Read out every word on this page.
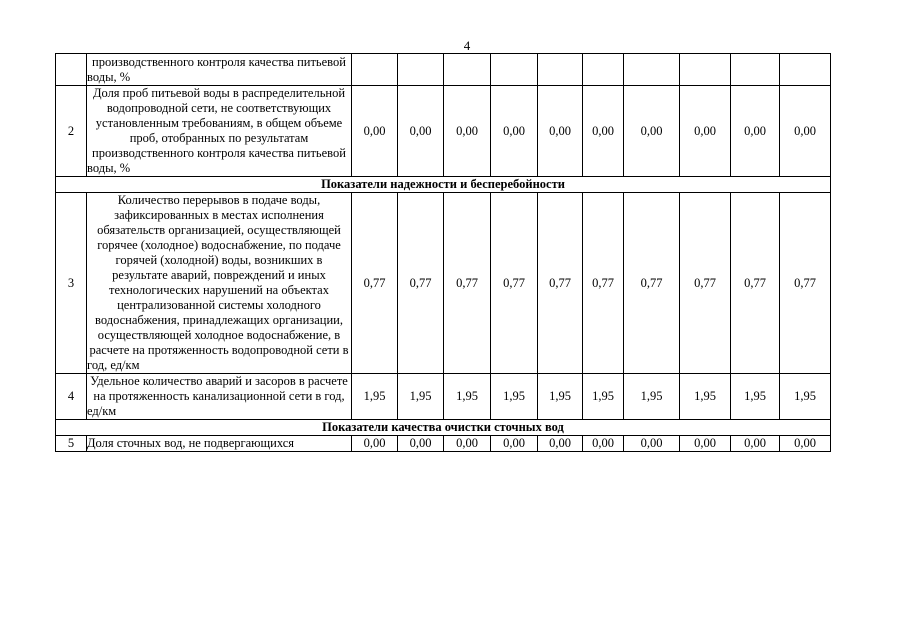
4
	производственного контроля качества питьевой воды, %										
2	Доля проб питьевой воды в распределительной водопроводной сети, не соответствующих установленным требованиям, в общем объеме проб, отобранных по результатам производственного контроля качества питьевой воды, %	0,00	0,00	0,00	0,00	0,00	0,00	0,00	0,00	0,00	0,00
Показатели надежности и бесперебойности											
3	Количество перерывов в подаче воды, зафиксированных в местах исполнения обязательств организацией, осуществляющей горячее (холодное) водоснабжение, по подаче горячей (холодной) воды, возникших в результате аварий, повреждений и иных технологических нарушений на объектах централизованной системы холодного водоснабжения, принадлежащих организации, осуществляющей холодное водоснабжение, в расчете на протяженность водопроводной сети в год, ед/км	0,77	0,77	0,77	0,77	0,77	0,77	0,77	0,77	0,77	0,77
4	Удельное количество аварий и засоров в расчете на протяженность канализационной сети в год, ед/км	1,95	1,95	1,95	1,95	1,95	1,95	1,95	1,95	1,95	1,95
Показатели качества очистки сточных вод											
5	Доля сточных вод, не подвергающихся	0,00	0,00	0,00	0,00	0,00	0,00	0,00	0,00	0,00	0,00
